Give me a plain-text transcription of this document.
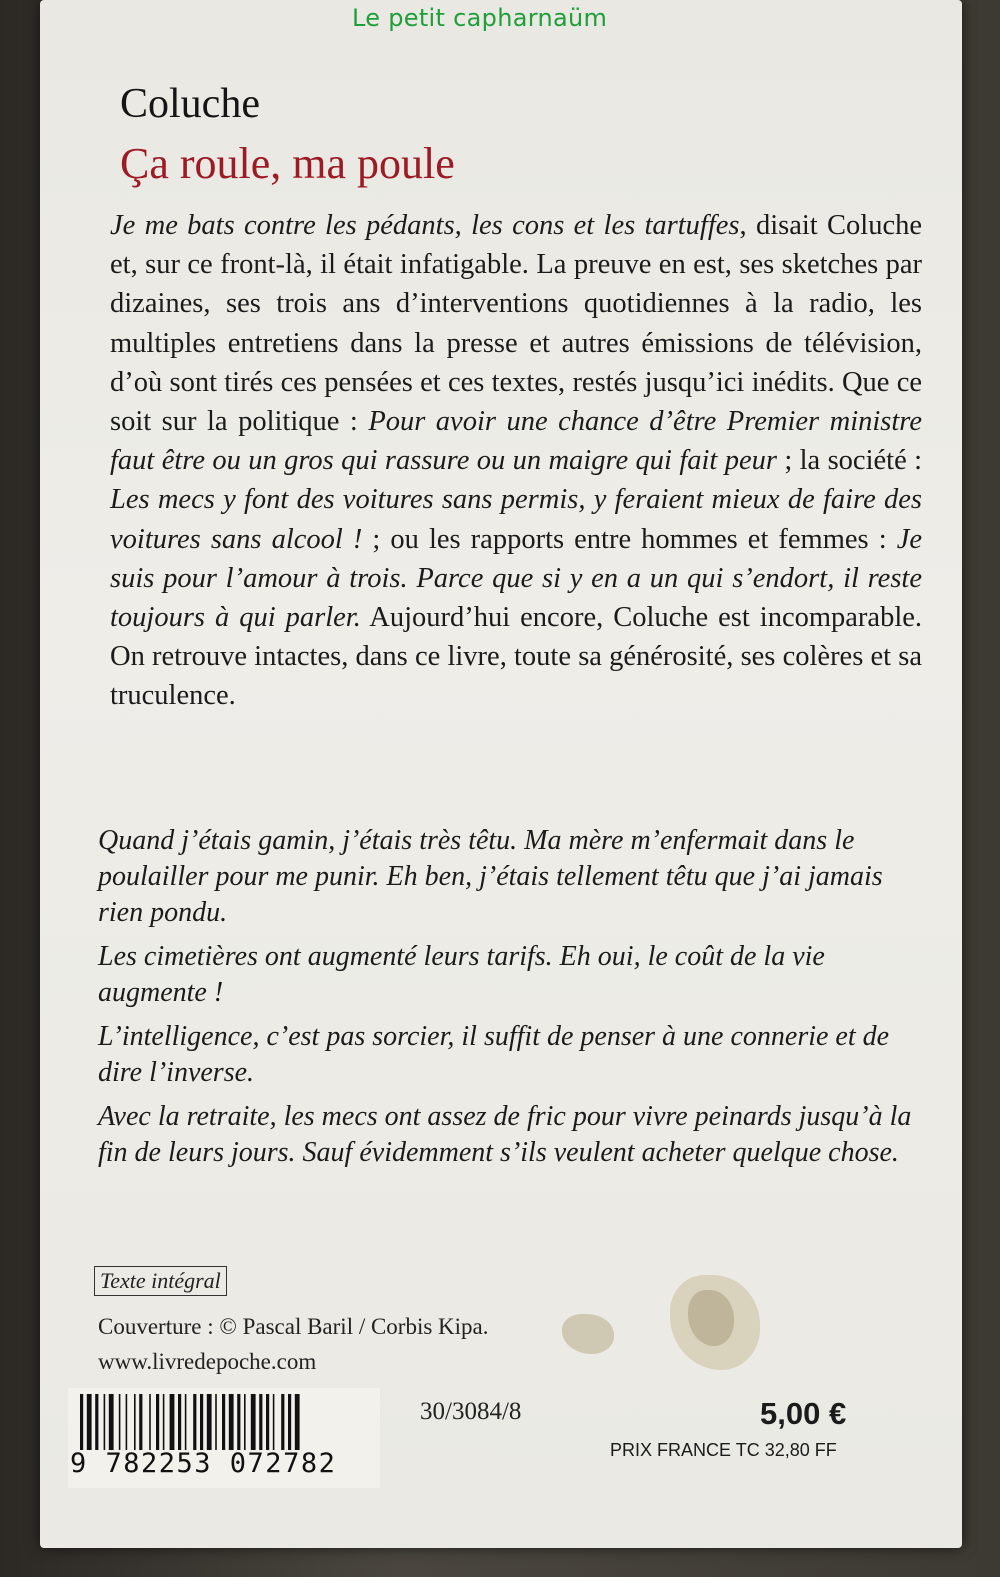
Le petit capharnaüm
Coluche
Ça roule, ma poule

Je me bats contre les pédants, les cons et les tartuffes, disait Coluche et, sur ce front-là, il était infatigable. La preuve en est, ses sketches par dizaines, ses trois ans d’interventions quotidiennes à la radio, les multiples entretiens dans la presse et autres émissions de télévision, d’où sont tirés ces pensées et ces textes, restés jusqu’ici inédits. Que ce soit sur la politique : Pour avoir une chance d’être Premier ministre faut être ou un gros qui rassure ou un maigre qui fait peur ; la société : Les mecs y font des voitures sans permis, y feraient mieux de faire des voitures sans alcool ! ; ou les rapports entre hommes et femmes : Je suis pour l’amour à trois. Parce que si y en a un qui s’endort, il reste toujours à qui parler. Aujourd’hui encore, Coluche est incomparable. On retrouve intactes, dans ce livre, toute sa générosité, ses colères et sa truculence.

Quand j’étais gamin, j’étais très têtu. Ma mère m’enfermait dans le poulailler pour me punir. Eh ben, j’étais tellement têtu que j’ai jamais rien pondu.

Les cimetières ont augmenté leurs tarifs. Eh oui, le coût de la vie augmente !

L’intelligence, c’est pas sorcier, il suffit de penser à une connerie et de dire l’inverse.

Avec la retraite, les mecs ont assez de fric pour vivre peinards jusqu’à la fin de leurs jours. Sauf évidemment s’ils veulent acheter quelque chose.

Texte intégral
Couverture : © Pascal Baril / Corbis Kipa.
www.livredepoche.com
9 782253 072782
30/3084/8	5,00 €
PRIX FRANCE TC 32,80 FF
